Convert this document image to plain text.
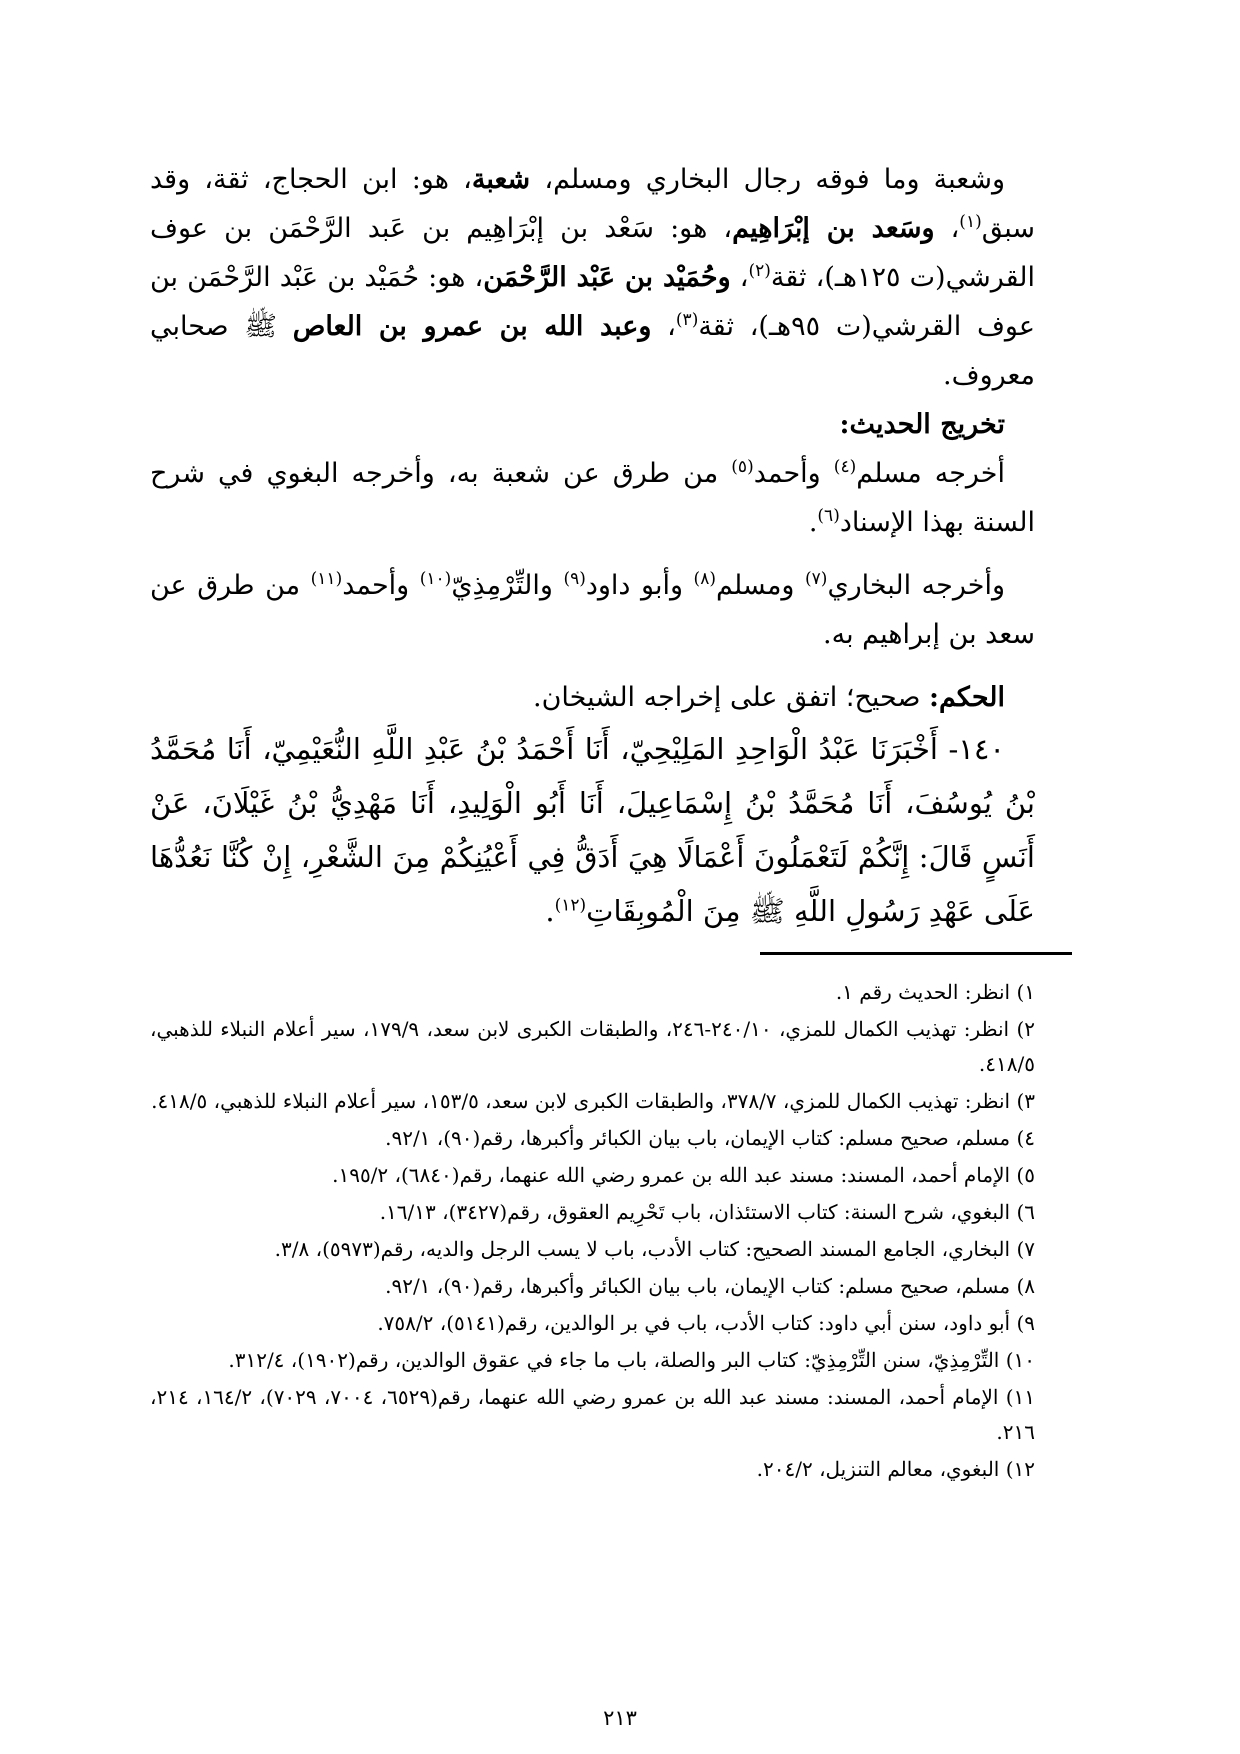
وشعبة وما فوقه رجال البخاري ومسلم، شعبة، هو: ابن الحجاج، ثقة، وقد سبق$^{(١)}$، وسَعد بن إبْرَاهِيم، هو: سَعْد بن إبْرَاهِيم بن عَبد الرَّحْمَن بن عوف القرشي(ت ١٢٥هـ)، ثقة$^{(٢)}$، وحُمَيْد بن عَبْد الرَّحْمَن، هو: حُمَيْد بن عَبْد الرَّحْمَن بن عوف القرشي(ت ٩٥هـ)، ثقة$^{(٣)}$، وعبد الله بن عمرو بن العاص ﷺ صحابي معروف.

تخريج الحديث:

أخرجه مسلم$^{(٤)}$ وأحمد$^{(٥)}$ من طرق عن شعبة به، وأخرجه البغوي في شرح السنة بهذا الإسناد$^{(٦)}$.

وأخرجه البخاري$^{(٧)}$ ومسلم$^{(٨)}$ وأبو داود$^{(٩)}$ والتِّرْمِذِيّ$^{(١٠)}$ وأحمد$^{(١١)}$ من طرق عن سعد بن إبراهيم به.

الحكم: صحيح؛ اتفق على إخراجه الشيخان.

١٤٠- أَخْبَرَنَا عَبْدُ الْوَاحِدِ المَلِيْحِيّ، أَنَا أَحْمَدُ بْنُ عَبْدِ اللَّهِ النُّعَيْمِيّ، أَنَا مُحَمَّدُ بْنُ يُوسُفَ، أَنَا مُحَمَّدُ بْنُ إِسْمَاعِيلَ، أَنَا أَبُو الْوَلِيدِ، أَنَا مَهْدِيُّ بْنُ غَيْلَانَ، عَنْ أَنَسٍ قَالَ: إِنَّكُمْ لَتَعْمَلُونَ أَعْمَالًا هِيَ أَدَقُّ فِي أَعْيُنِكُمْ مِنَ الشَّعْرِ، إِنْ كُنَّا نَعُدُّهَا عَلَى عَهْدِ رَسُولِ اللَّهِ ﷺ مِنَ الْمُوبِقَاتِ$^{(١٢)}$.

١) انظر: الحديث رقم ١.
٢) انظر: تهذيب الكمال للمزي، ٢٤٠/١٠-٢٤٦، والطبقات الكبرى لابن سعد، ١٧٩/٩، سير أعلام النبلاء للذهبي، ٤١٨/٥.
٣) انظر: تهذيب الكمال للمزي، ٣٧٨/٧، والطبقات الكبرى لابن سعد، ١٥٣/٥، سير أعلام النبلاء للذهبي، ٤١٨/٥.
٤) مسلم، صحيح مسلم: كتاب الإيمان، باب بيان الكبائر وأكبرها، رقم(٩٠)، ٩٢/١.
٥) الإمام أحمد، المسند: مسند عبد الله بن عمرو رضي الله عنهما، رقم(٦٨٤٠)، ١٩٥/٢.
٦) البغوي، شرح السنة: كتاب الاستئذان، باب تَحْرِيم العقوق، رقم(٣٤٢٧)، ١٦/١٣.
٧) البخاري، الجامع المسند الصحيح: كتاب الأدب، باب لا يسب الرجل والديه، رقم(٥٩٧٣)، ٣/٨.
٨) مسلم، صحيح مسلم: كتاب الإيمان، باب بيان الكبائر وأكبرها، رقم(٩٠)، ٩٢/١.
٩) أبو داود، سنن أبي داود: كتاب الأدب، باب في بر الوالدين، رقم(٥١٤١)، ٧٥٨/٢.
١٠) التِّرْمِذِيّ، سنن التِّرْمِذِيّ: كتاب البر والصلة، باب ما جاء في عقوق الوالدين، رقم(١٩٠٢)، ٣١٢/٤.
١١) الإمام أحمد، المسند: مسند عبد الله بن عمرو رضي الله عنهما، رقم(٦٥٢٩، ٧٠٠٤، ٧٠٢٩)، ١٦٤/٢، ٢١٤، ٢١٦.
١٢) البغوي، معالم التنزيل، ٢٠٤/٢.
٢١٣
